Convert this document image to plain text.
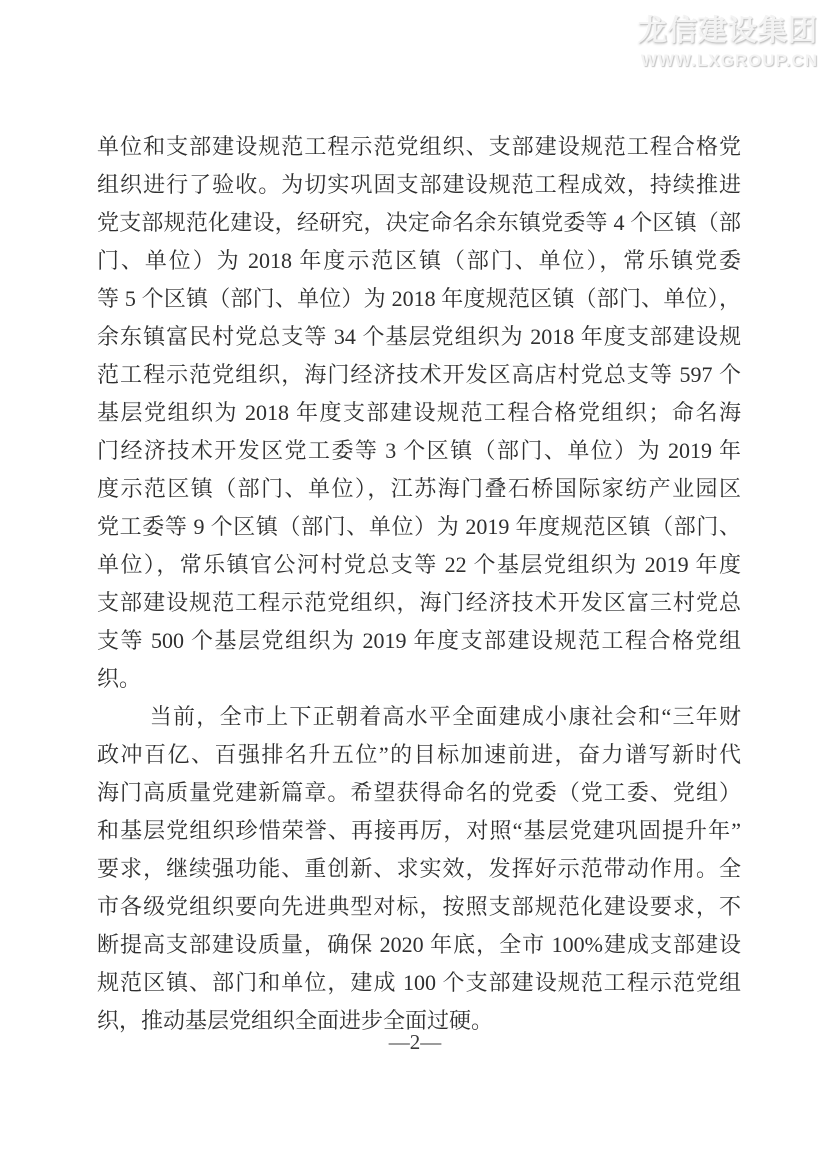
龙信建设集团
WWW.LXGROUP.CN
单位和支部建设规范工程示范党组织、支部建设规范工程合格党
组织进行了验收。为切实巩固支部建设规范工程成效，持续推进
党支部规范化建设，经研究，决定命名余东镇党委等 4 个区镇（部
门、单位）为 2018 年度示范区镇（部门、单位），常乐镇党委
等 5 个区镇（部门、单位）为 2018 年度规范区镇（部门、单位），
余东镇富民村党总支等 34 个基层党组织为 2018 年度支部建设规
范工程示范党组织，海门经济技术开发区高店村党总支等 597 个
基层党组织为 2018 年度支部建设规范工程合格党组织；命名海
门经济技术开发区党工委等 3 个区镇（部门、单位）为 2019 年
度示范区镇（部门、单位），江苏海门叠石桥国际家纺产业园区
党工委等 9 个区镇（部门、单位）为 2019 年度规范区镇（部门、
单位），常乐镇官公河村党总支等 22 个基层党组织为 2019 年度
支部建设规范工程示范党组织，海门经济技术开发区富三村党总
支等 500 个基层党组织为 2019 年度支部建设规范工程合格党组
织。
当前，全市上下正朝着高水平全面建成小康社会和“三年财
政冲百亿、百强排名升五位”的目标加速前进，奋力谱写新时代
海门高质量党建新篇章。希望获得命名的党委（党工委、党组）
和基层党组织珍惜荣誉、再接再厉，对照“基层党建巩固提升年”
要求，继续强功能、重创新、求实效，发挥好示范带动作用。全
市各级党组织要向先进典型对标，按照支部规范化建设要求，不
断提高支部建设质量，确保 2020 年底，全市 100%建成支部建设
规范区镇、部门和单位，建成 100 个支部建设规范工程示范党组
织，推动基层党组织全面进步全面过硬。
—2—
